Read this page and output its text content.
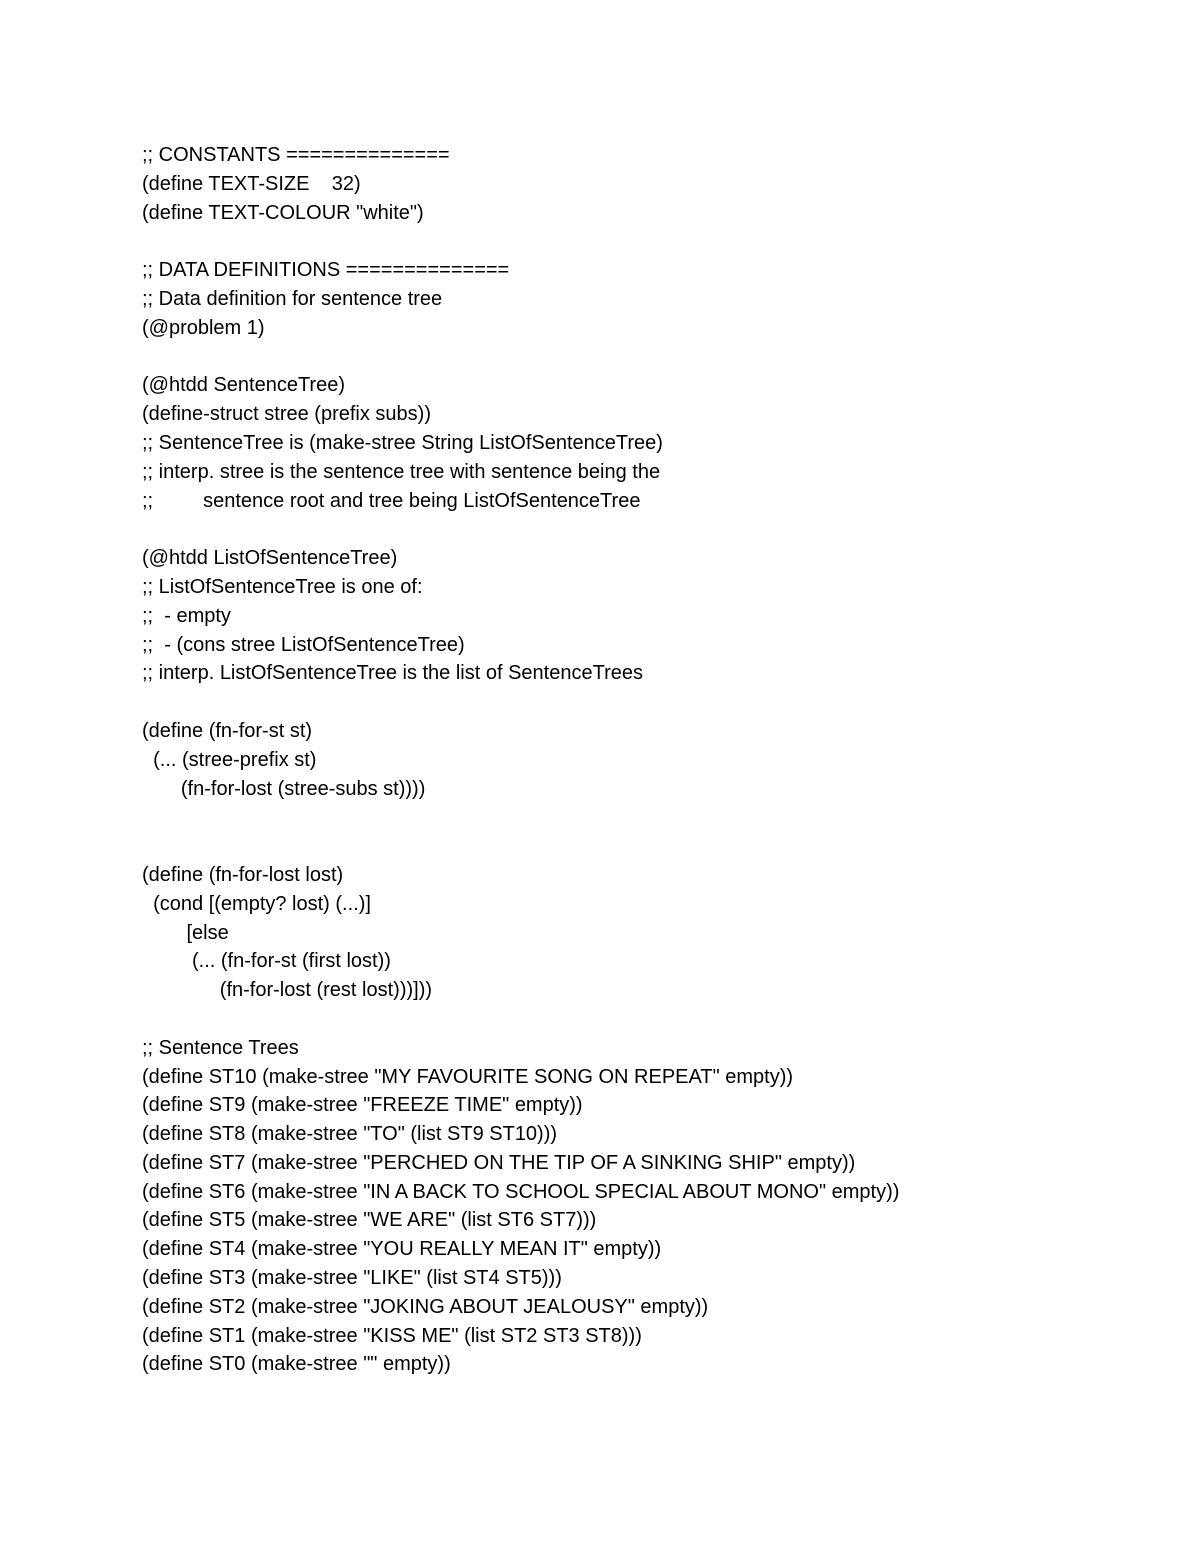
;; CONSTANTS ==============
(define TEXT-SIZE    32)
(define TEXT-COLOUR "white")
;; DATA DEFINITIONS ==============
;; Data definition for sentence tree
(@problem 1)
(@htdd SentenceTree)
(define-struct stree (prefix subs))
;; SentenceTree is (make-stree String ListOfSentenceTree)
;; interp. stree is the sentence tree with sentence being the
;;         sentence root and tree being ListOfSentenceTree
(@htdd ListOfSentenceTree)
;; ListOfSentenceTree is one of:
;;  - empty
;;  - (cons stree ListOfSentenceTree)
;; interp. ListOfSentenceTree is the list of SentenceTrees
(define (fn-for-st st)
(... (stree-prefix st)
(fn-for-lost (stree-subs st))))
(define (fn-for-lost lost)
(cond [(empty? lost) (...)]
[else
(... (fn-for-st (first lost))
(fn-for-lost (rest lost)))]))
;; Sentence Trees
(define ST10 (make-stree "MY FAVOURITE SONG ON REPEAT" empty))
(define ST9 (make-stree "FREEZE TIME" empty))
(define ST8 (make-stree "TO" (list ST9 ST10)))
(define ST7 (make-stree "PERCHED ON THE TIP OF A SINKING SHIP" empty))
(define ST6 (make-stree "IN A BACK TO SCHOOL SPECIAL ABOUT MONO" empty))
(define ST5 (make-stree "WE ARE" (list ST6 ST7)))
(define ST4 (make-stree "YOU REALLY MEAN IT" empty))
(define ST3 (make-stree "LIKE" (list ST4 ST5)))
(define ST2 (make-stree "JOKING ABOUT JEALOUSY" empty))
(define ST1 (make-stree "KISS ME" (list ST2 ST3 ST8)))
(define ST0 (make-stree "" empty))
